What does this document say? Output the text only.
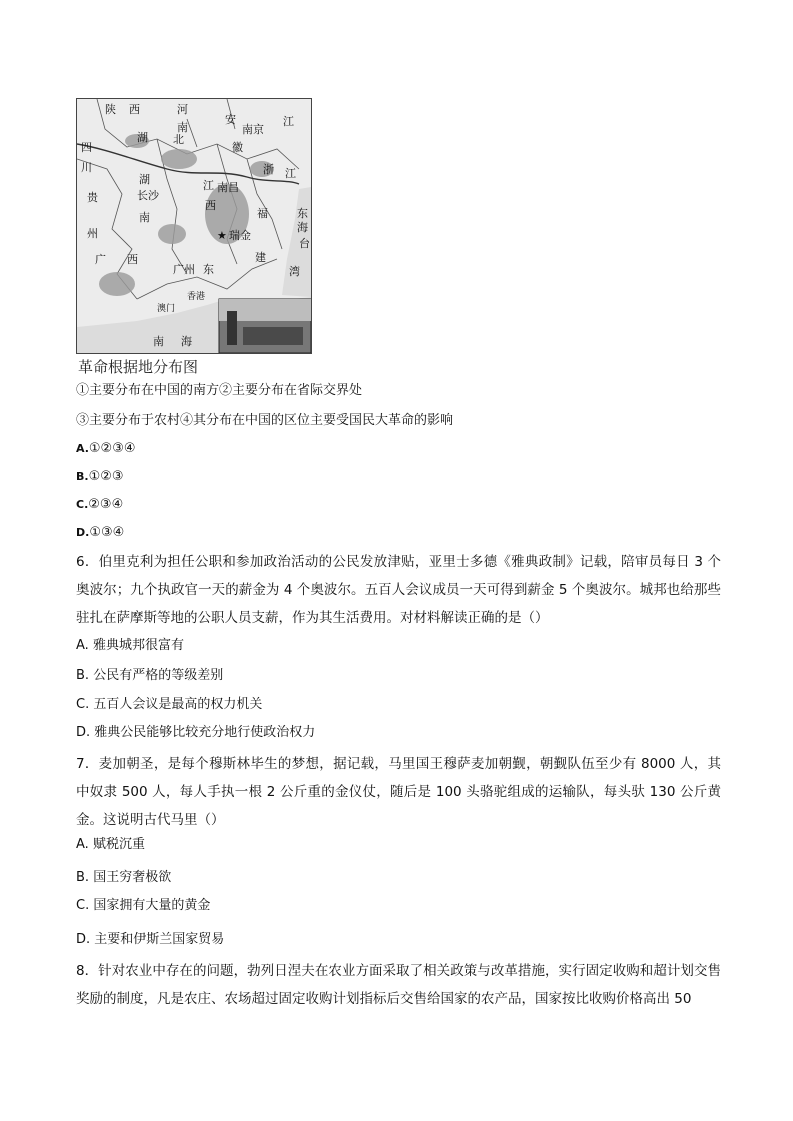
★
陕 西	河
南
安
南京
徽
江
湖 北
浙 江
四
川
湖
长沙
南昌
江
西
贵
州
南	福
瑞金
建
东
海
台
湾
广 西
广州 东
香港
澳门
南 海
革命根据地分布图
①主要分布在中国的南方②主要分布在省际交界处
③主要分布于农村④其分布在中国的区位主要受国民大革命的影响
A.①②③④
B.①②③
C.②③④
D.①③④
6．伯里克利为担任公职和参加政治活动的公民发放津贴，亚里士多德《雅典政制》记载，陪审员每日 3 个奥波尔；九个执政官一天的薪金为 4 个奥波尔。五百人会议成员一天可得到薪金 5 个奥波尔。城邦也给那些驻扎在萨摩斯等地的公职人员支薪，作为其生活费用。对材料解读正确的是（）
A. 雅典城邦很富有
B. 公民有严格的等级差别
C. 五百人会议是最高的权力机关
D. 雅典公民能够比较充分地行使政治权力
7．麦加朝圣，是每个穆斯林毕生的梦想，据记载，马里国王穆萨麦加朝觐，朝觐队伍至少有 8000 人，其中奴隶 500 人，每人手执一根 2 公斤重的金仪仗，随后是 100 头骆驼组成的运输队，每头驮 130 公斤黄金。这说明古代马里（）
A. 赋税沉重
B. 国王穷奢极欲
C. 国家拥有大量的黄金
D. 主要和伊斯兰国家贸易
8．针对农业中存在的问题，勃列日涅夫在农业方面采取了相关政策与改革措施，实行固定收购和超计划交售奖励的制度，凡是农庄、农场超过固定收购计划指标后交售给国家的农产品，国家按比收购价格高出 50
